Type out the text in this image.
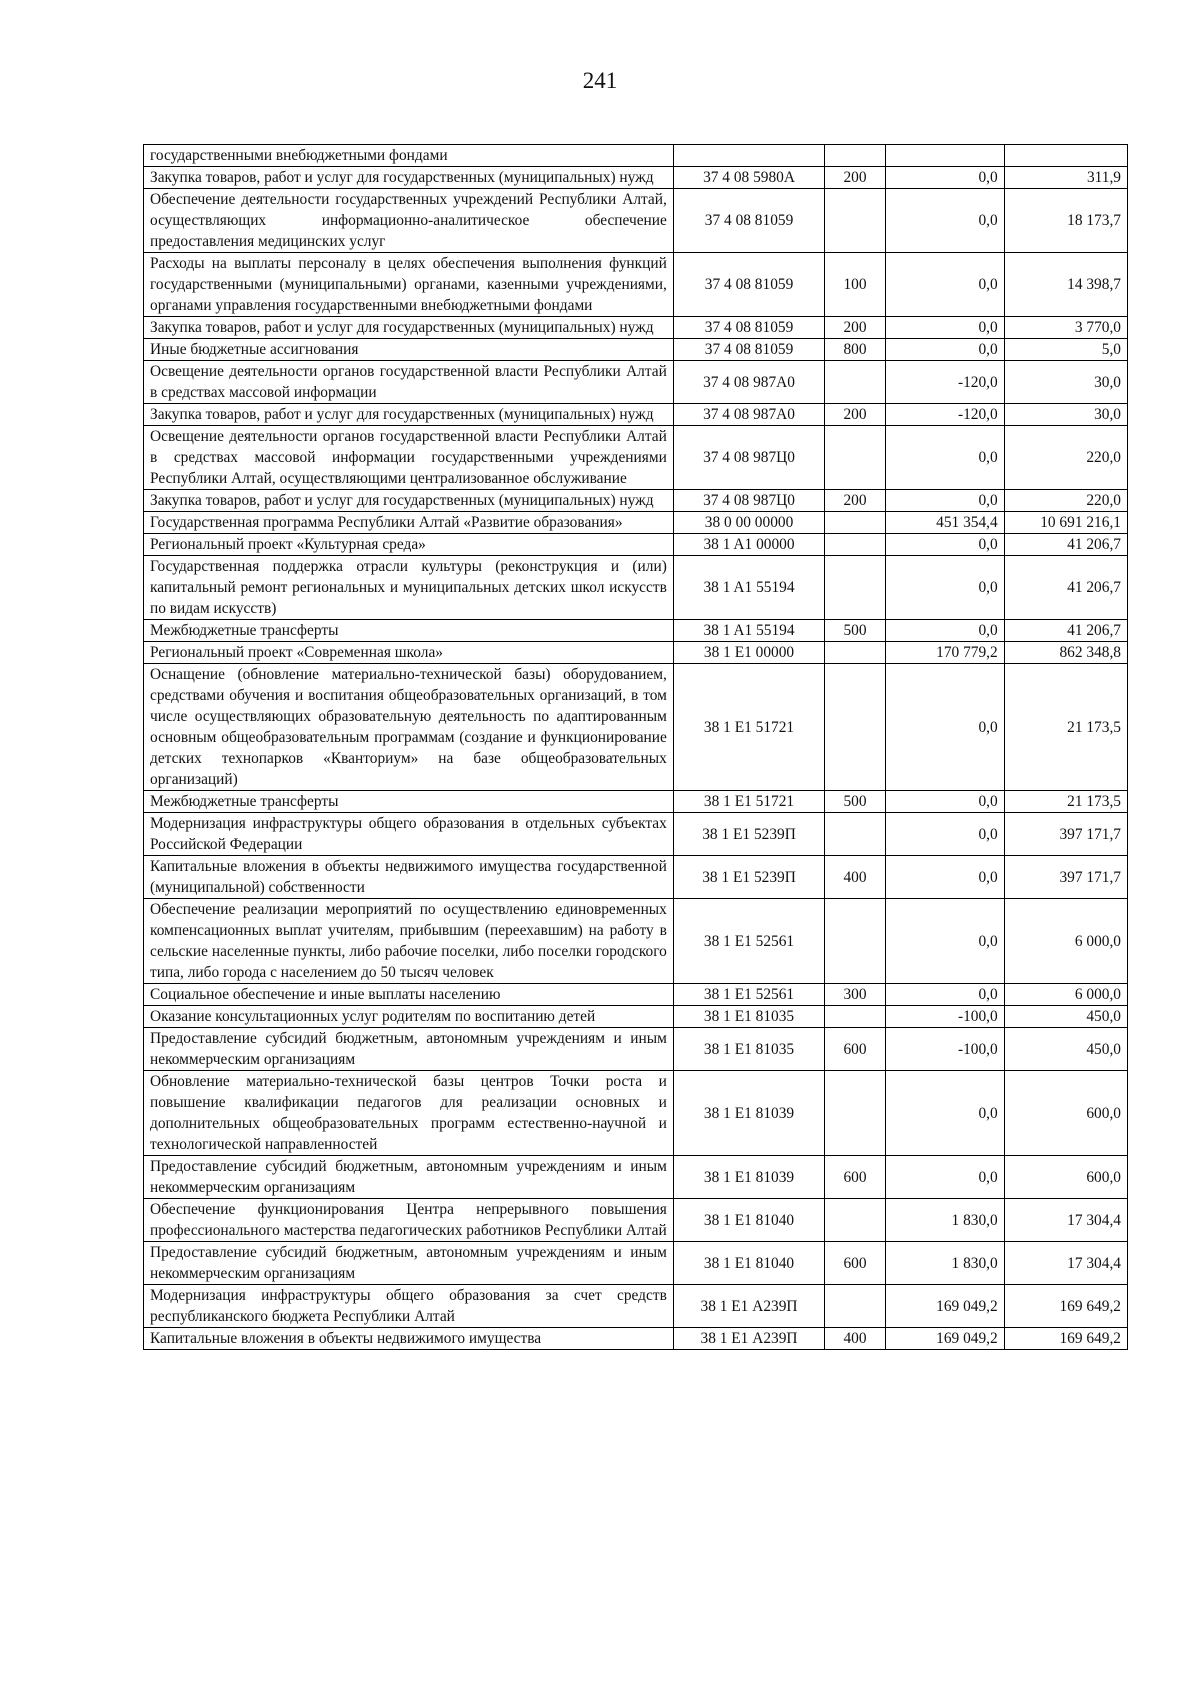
241
государственными внебюджетными фондами				
Закупка товаров, работ и услуг для государственных (муниципальных) нужд	37 4 08 5980А	200	0,0	311,9
Обеспечение деятельности государственных учреждений Республики Алтай, осуществляющих информационно-аналитическое обеспечение предоставления медицинских услуг	37 4 08 81059		0,0	18 173,7
Расходы на выплаты персоналу в целях обеспечения выполнения функций государственными (муниципальными) органами, казенными учреждениями, органами управления государственными внебюджетными фондами	37 4 08 81059	100	0,0	14 398,7
Закупка товаров, работ и услуг для государственных (муниципальных) нужд	37 4 08 81059	200	0,0	3 770,0
Иные бюджетные ассигнования	37 4 08 81059	800	0,0	5,0
Освещение деятельности органов государственной власти Республики Алтай в средствах массовой информации	37 4 08 987А0		-120,0	30,0
Закупка товаров, работ и услуг для государственных (муниципальных) нужд	37 4 08 987А0	200	-120,0	30,0
Освещение деятельности органов государственной власти Республики Алтай в средствах массовой информации государственными учреждениями Республики Алтай, осуществляющими централизованное обслуживание	37 4 08 987Ц0		0,0	220,0
Закупка товаров, работ и услуг для государственных (муниципальных) нужд	37 4 08 987Ц0	200	0,0	220,0
Государственная программа Республики Алтай «Развитие образования»	38 0 00 00000		451 354,4	10 691 216,1
Региональный проект «Культурная среда»	38 1 A1 00000		0,0	41 206,7
Государственная поддержка отрасли культуры (реконструкция и (или) капитальный ремонт региональных и муниципальных детских школ искусств по видам искусств)	38 1 A1 55194		0,0	41 206,7
Межбюджетные трансферты	38 1 A1 55194	500	0,0	41 206,7
Региональный проект «Современная школа»	38 1 E1 00000		170 779,2	862 348,8
Оснащение (обновление материально-технической базы) оборудованием, средствами обучения и воспитания общеобразовательных организаций, в том числе осуществляющих образовательную деятельность по адаптированным основным общеобразовательным программам (создание и функционирование детских технопарков «Кванториум» на базе общеобразовательных организаций)	38 1 E1 51721		0,0	21 173,5
Межбюджетные трансферты	38 1 E1 51721	500	0,0	21 173,5
Модернизация инфраструктуры общего образования в отдельных субъектах Российской Федерации	38 1 E1 5239П		0,0	397 171,7
Капитальные вложения в объекты недвижимого имущества государственной (муниципальной) собственности	38 1 E1 5239П	400	0,0	397 171,7
Обеспечение реализации мероприятий по осуществлению единовременных компенсационных выплат учителям, прибывшим (переехавшим) на работу в сельские населенные пункты, либо рабочие поселки, либо поселки городского типа, либо города с населением до 50 тысяч человек	38 1 E1 52561		0,0	6 000,0
Социальное обеспечение и иные выплаты населению	38 1 E1 52561	300	0,0	6 000,0
Оказание консультационных услуг родителям по воспитанию детей	38 1 E1 81035		-100,0	450,0
Предоставление субсидий бюджетным, автономным учреждениям и иным некоммерческим организациям	38 1 E1 81035	600	-100,0	450,0
Обновление материально-технической базы центров Точки роста и повышение квалификации педагогов для реализации основных и дополнительных общеобразовательных программ естественно-научной и технологической направленностей	38 1 E1 81039		0,0	600,0
Предоставление субсидий бюджетным, автономным учреждениям и иным некоммерческим организациям	38 1 E1 81039	600	0,0	600,0
Обеспечение функционирования Центра непрерывного повышения профессионального мастерства педагогических работников Республики Алтай	38 1 E1 81040		1 830,0	17 304,4
Предоставление субсидий бюджетным, автономным учреждениям и иным некоммерческим организациям	38 1 E1 81040	600	1 830,0	17 304,4
Модернизация инфраструктуры общего образования за счет средств республиканского бюджета Республики Алтай	38 1 E1 А239П		169 049,2	169 649,2
Капитальные вложения в объекты недвижимого имущества	38 1 E1 А239П	400	169 049,2	169 649,2
